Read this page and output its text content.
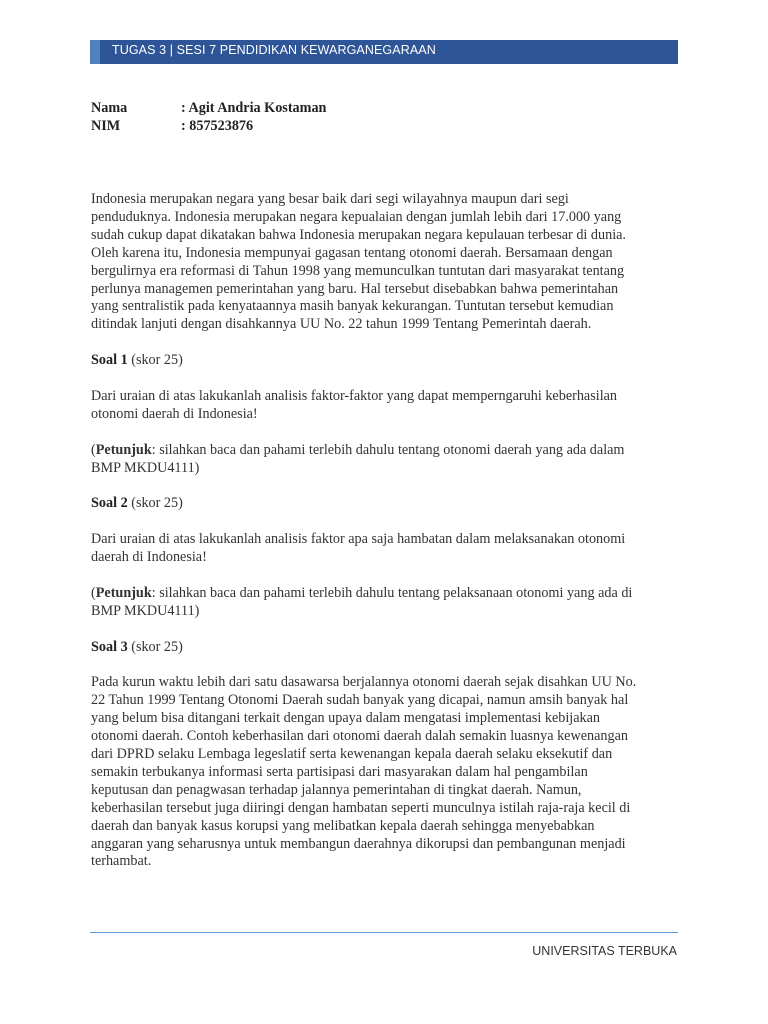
TUGAS 3 | SESI 7 PENDIDIKAN KEWARGANEGARAAN
Nama	: Agit Andria Kostaman
NIM	: 857523876

Indonesia merupakan negara yang besar baik dari segi wilayahnya maupun dari segi

penduduknya. Indonesia merupakan negara kepualaian dengan jumlah lebih dari 17.000 yang

sudah cukup dapat dikatakan bahwa Indonesia merupakan negara kepulauan terbesar di dunia.

Oleh karena itu, Indonesia mempunyai gagasan tentang otonomi daerah. Bersamaan dengan

bergulirnya era reformasi di Tahun 1998 yang memunculkan tuntutan dari masyarakat tentang

perlunya managemen pemerintahan yang baru. Hal tersebut disebabkan bahwa pemerintahan

yang sentralistik pada kenyataannya masih banyak kekurangan. Tuntutan tersebut kemudian

ditindak lanjuti dengan disahkannya UU No. 22 tahun 1999 Tentang Pemerintah daerah.

Soal 1 (skor 25)

Dari uraian di atas lakukanlah analisis faktor-faktor yang dapat memperngaruhi keberhasilan

otonomi daerah di Indonesia!

(Petunjuk: silahkan baca dan pahami terlebih dahulu tentang otonomi daerah yang ada dalam

BMP MKDU4111)

Soal 2 (skor 25)

Dari uraian di atas lakukanlah analisis faktor apa saja hambatan dalam melaksanakan otonomi

daerah di Indonesia!

(Petunjuk: silahkan baca dan pahami terlebih dahulu tentang pelaksanaan otonomi yang ada di

BMP MKDU4111)

Soal 3 (skor 25)

Pada kurun waktu lebih dari satu dasawarsa berjalannya otonomi daerah sejak disahkan UU No.

22 Tahun 1999 Tentang Otonomi Daerah sudah banyak yang dicapai, namun amsih banyak hal

yang belum bisa ditangani terkait dengan upaya dalam mengatasi implementasi kebijakan

otonomi daerah. Contoh keberhasilan dari otonomi daerah dalah semakin luasnya kewenangan

dari DPRD selaku Lembaga legeslatif serta kewenangan kepala daerah selaku eksekutif dan

semakin terbukanya informasi serta partisipasi dari masyarakan dalam hal pengambilan

keputusan dan penagwasan terhadap jalannya pemerintahan di tingkat daerah. Namun,

keberhasilan tersebut juga diiringi dengan hambatan seperti munculnya istilah raja-raja kecil di

daerah dan banyak kasus korupsi yang melibatkan kepala daerah sehingga menyebabkan

anggaran yang seharusnya untuk membangun daerahnya dikorupsi dan pembangunan menjadi

terhambat.

UNIVERSITAS TERBUKA
